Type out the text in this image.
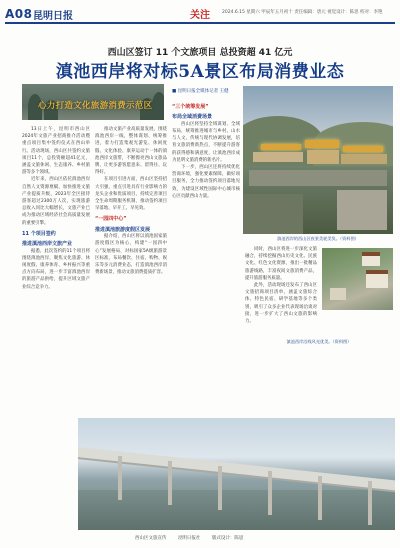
A08 昆明日报	关注	2024.6.15 星期六 甲辰年五月初十 责任编辑：唐元 视觉设计：陈思 校对：李艳
西山区签订 11 个文旅项目 总投资超 41 亿元
滇池西岸将对标5A景区布局消费业态
心力打造文化旅游消费示范区

13日上午，昆明市西山区2024年文旅产业招商推介活动暨重点项目集中签约仪式在西山举行。活动现场，西山区共签约文旅项目11个，总投资额超41亿元，涵盖文旅休闲、生态康养、乡村旅游等多个领域。

近年来，西山区依托滇池西岸自然人文资源禀赋，加快推进文旅产业提质升级，2023年全区接待游客超过2300万人次，实现旅游总收入同比大幅增长，文旅产业已成为推动区域经济社会高质量发展的重要引擎。

11 个项目签约

推进滇池西岸文旅产业

据悉，此次签约的11个项目将围绕滇池西岸，聚焦文化旅游、休闲度假、康养体育、乡村振兴等重点方向布局，进一步丰富滇池西岸的旅游产品供给，提升区域文旅产业综合竞争力。

推动文旅产业高质量发展，围绕滇池西岸一线，整体谋划、统筹推进，着力打造集观光游览、休闲度假、文化体验、康养运动于一体的滇池西岸文旅带，不断擦亮西山文旅品牌，让更多游客愿意来、留得住、玩得好。

在项目引进方面，西山区坚持招大引强，重点引进具有行业影响力的龙头企业和优质项目，持续完善项目全生命周期服务机制，推动签约项目早落地、早开工、早见效。

“一园四中心”

推进滇池旅游度假区发展

据介绍，西山区将以滇池国家旅游度假区为核心，构建“一园四中心”发展格局，对标国家5A级旅游景区标准，布局餐饮、住宿、购物、娱乐等多元消费业态，打造滇池西岸消费新场景，推动文旅消费提质扩容。

■ 昆明日报全媒体记者 王健

“三个统筹发展”

布局全域消费场景

西山区将坚持全域谋划、全域布局，统筹推进城市与乡村、山水与人文、传统与现代协调发展，培育文旅消费新热点，不断提升游客的获得感和满意度，让滇池西岸成为昆明文旅消费的新名片。

下一步，西山区还将持续优化营商环境，强化要素保障，做好项目服务，全力推动签约项目落地见效，为建设区域性国际中心城市核心区贡献西山力量。

滇池西岸的西山区夜景美轮美奂。（资料图）

同时，西山区将进一步深化文旅融合，持续挖掘西山历史文化、民族文化、红色文化资源，推出一批精品旅游线路，丰富夜间文旅消费产品，提升旅游服务质量。

此外，活动现场还发布了西山区文旅招商项目清单，涵盖文旅综合体、特色民宿、研学基地等多个类别，吸引了众多企业代表现场洽谈对接，进一步扩大了西山文旅的影响力。

滇池西岸沿线风光优美。（资料图）
西山区文旅宣传	昆明日报社	版式设计：陈思
